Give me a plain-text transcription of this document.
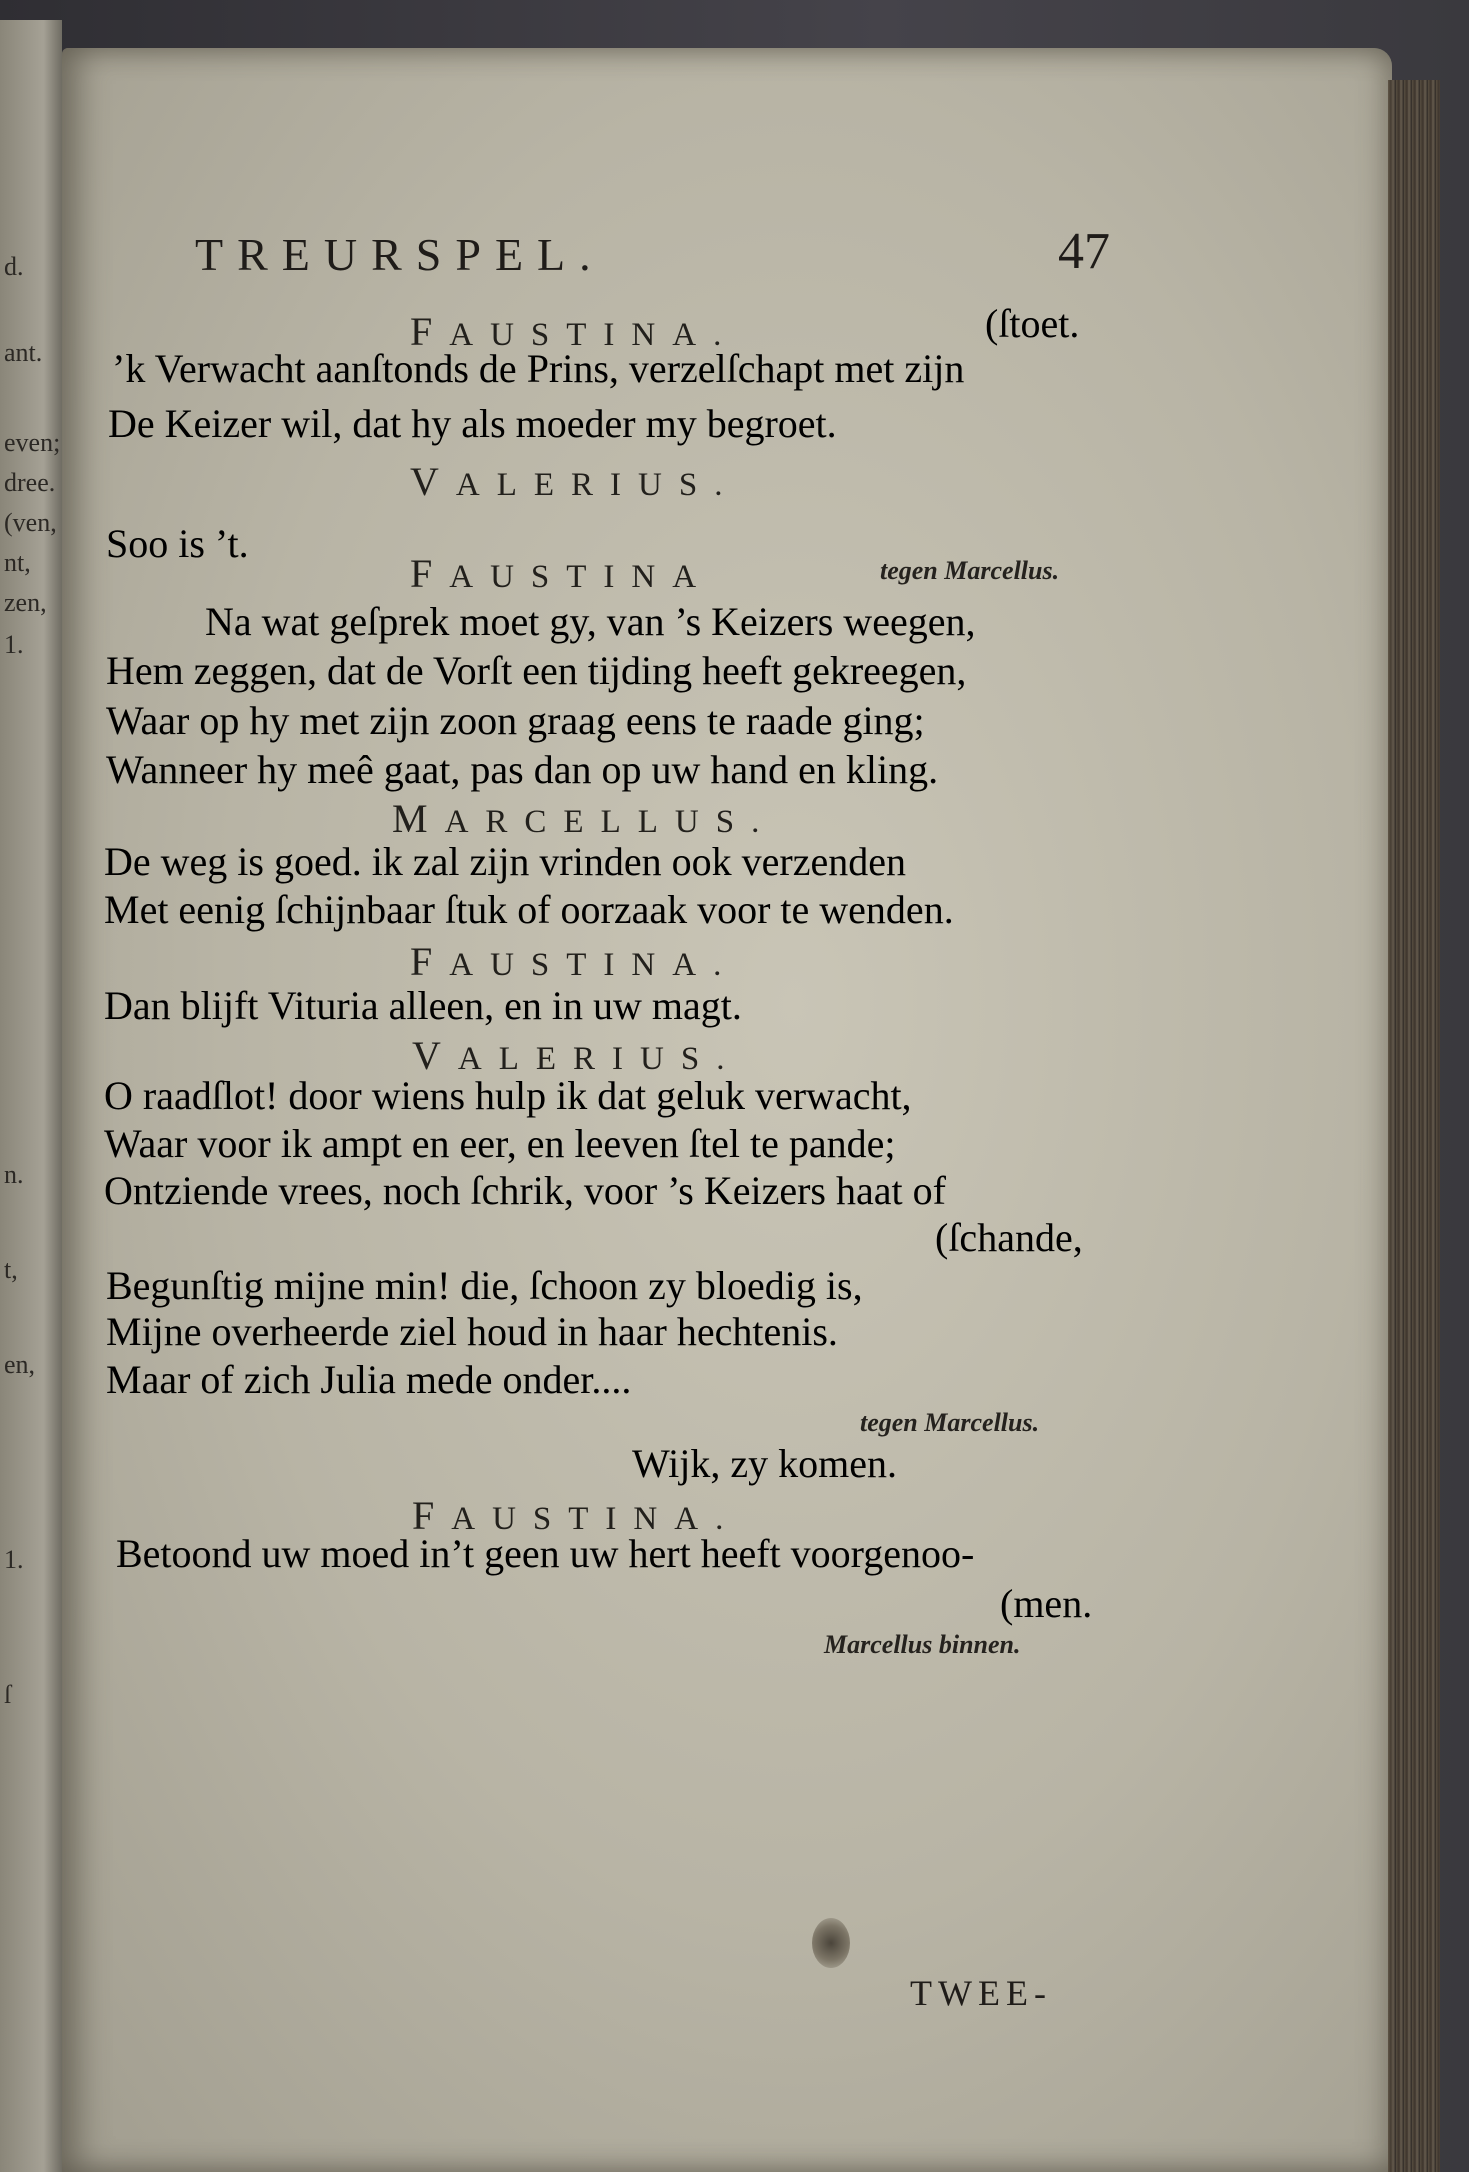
d.
ant.
even;
dree.
(ven,
nt,
zen,
1.
n.
t,
en,
1.
ſ
TREURSPEL.	47
FAUSTINA.	(ſtoet.
’k Verwacht aanſtonds de Prins, verzelſchapt met zijn
De Keizer wil, dat hy als moeder my begroet.
VALERIUS.
Soo is ’t.
FAUSTINA	tegen Marcellus.
Na wat geſprek moet gy, van ’s Keizers weegen,
Hem zeggen, dat de Vorſt een tijding heeft gekreegen,
Waar op hy met zijn zoon graag eens te raade ging;
Wanneer hy meê gaat, pas dan op uw hand en kling.
MARCELLUS.
De weg is goed. ik zal zijn vrinden ook verzenden
Met eenig ſchijnbaar ſtuk of oorzaak voor te wenden.
FAUSTINA.
Dan blijft Vituria alleen, en in uw magt.
VALERIUS.
O raadſlot! door wiens hulp ik dat geluk verwacht,
Waar voor ik ampt en eer, en leeven ſtel te pande;
Ontziende vrees, noch ſchrik, voor ’s Keizers haat of
(ſchande,
Begunſtig mijne min! die, ſchoon zy bloedig is,
Mijne overheerde ziel houd in haar hechtenis.
Maar of zich Julia mede onder....
tegen Marcellus.
Wijk, zy komen.
FAUSTINA.
Betoond uw moed in’t geen uw hert heeft voorgenoo-
(men.
Marcellus binnen.
TWEE-
